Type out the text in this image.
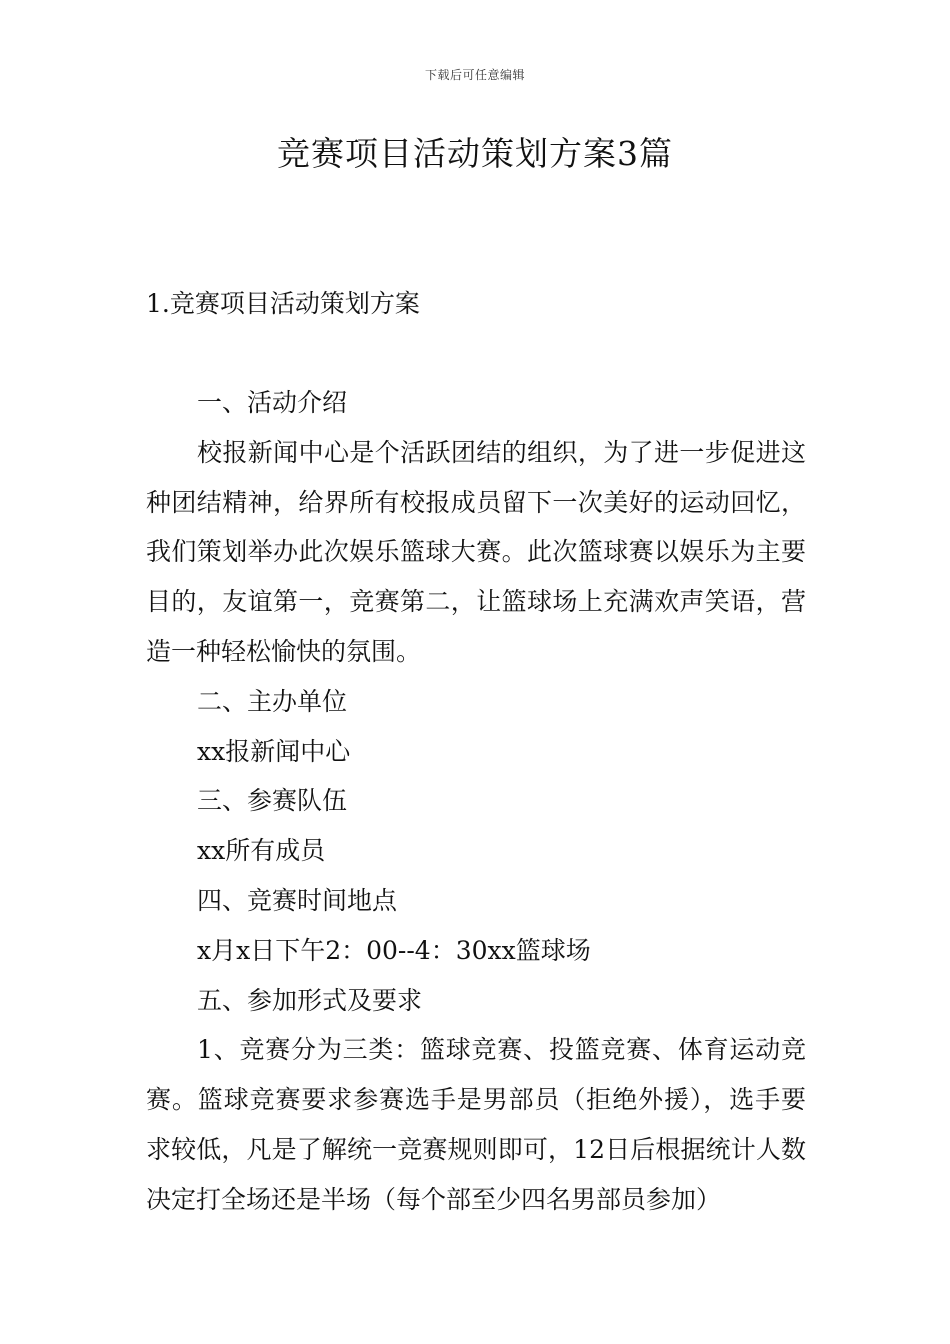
下载后可任意编辑
竞赛项目活动策划方案3篇
1.竞赛项目活动策划方案

一、活动介绍

校报新闻中心是个活跃团结的组织，为了进一步促进这种团结精神，给界所有校报成员留下一次美好的运动回忆，我们策划举办此次娱乐篮球大赛。此次篮球赛以娱乐为主要目的，友谊第一，竞赛第二，让篮球场上充满欢声笑语，营造一种轻松愉快的氛围。

二、主办单位

xx报新闻中心

三、参赛队伍

xx所有成员

四、竞赛时间地点

x月x日下午2：00--4：30xx篮球场

五、参加形式及要求

1、竞赛分为三类：篮球竞赛、投篮竞赛、体育运动竞赛。篮球竞赛要求参赛选手是男部员（拒绝外援），选手要求较低，凡是了解统一竞赛规则即可，12日后根据统计人数决定打全场还是半场（每个部至少四名男部员参加）
